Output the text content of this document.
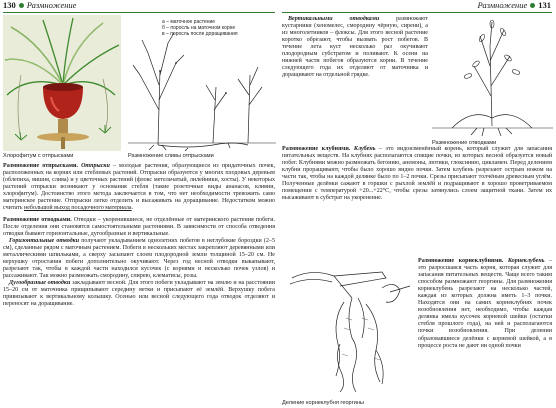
130 Размножение	Размножение 131
Хлорофитум с отпрысками
а – маточное растение
б – поросль на маточном корне
в – поросль после доращивания
Размножение сливы отпрысками

Размножение отпрысками. Отпрыски – молодые растения, образующиеся из придаточных почек, расположенных на корнях или стеблевых растений. Отпрыски образуются у многих плодовых деревьев (облепиха, вишня, слива) и у цветочных растений (флокс метельчатый, лилейники, хосты). У некоторых растений отпрыски возникают у основания стебля (такие розеточные виды ананасов, кливии, хлорофитум). Достоинство этого метода заключается в том, что нет необходимости тревожить само материнское растение. Отпрыски легко отделить и высаживать на доращивание. Недостатком можно считать небольшой выход посадочного материала.

Размножение отводками. Отводки – укоренившиеся, не отделённые от материнского растения побеги. После отделения они становятся самостоятельными растениями. В зависимости от способа отведения отводки бывают горизонтальные, дугообразные и вертикальные.

Горизонтальные отводки получают укладыванием однолетних побегов в неглубокие бороздки (2–5 см), сделанные рядом с маточным растением. Побеги в нескольких местах закрепляют деревянными или металлическими шпильками, а сверху засыпают слоем плодородной земли толщиной 15–20 см. Не верхушку отростания побеги дополнительно окучивают. Через год весной отводки выкапывают, разрезают так, чтобы в каждой части находился кусочек (с корнями и несколько почек узлов) и рассаживают. Так можно размножать смородину, спирею, клематисы, розы.

Дугообразные отводки закладывают весной. Для этого побеги укладывают на землю и на расстоянии 15–20 см от маточника прищипывают середину ветки и присыпают её землёй. Верхушку побега привязывают к вертикальному колышку. Осенью или весной следующего года отводок отделяют и переносят на доращивание.

Вертикальными отводками размножают кустарники (хеномелес, смородину чёрную, сирени), а из многолетников – флоксы. Для этого весной растение коротко обрезают, чтобы вызвать рост побегов. В течение лета куст несколько раз окучивают плодородным субстратом и поливают. К осени на нижней части побегов образуются корни. В течение следующего года их отделяют от маточника и доращивают на отдельной грядке.

Размножение отводками

Размножение клубнями. Клубень – это видоизменённый корень, который служит для запасания питательных веществ. На клубнях располагаются спящие почки, из которых весной образуется новый побег. Клубнями можно размножать бегонию, анемоны, лютики, глоксинию, цикламен. Перед делением клубни проращивают, чтобы было хорошо видно почки. Затем клубень разрезают острым ножом на части так, чтобы на каждой делянке было по 1–2 почки. Срезы присыпают толчёным древесным углём. Полученные делёнки сажают в горшки с рыхлой землёй и подращивают в хорошо проветриваемом помещении с температурой +20...+22°С, чтобы срезы затянулись слоем защитной ткани. Затем их высаживают в субстрат на укоренение.

Деление корнеклубня георгины

Размножение корнеклубнями. Корнеклубень – это разросшаяся часть корня, которая служит для запасания питательных веществ. Чаще всего таким способом размножают георгины. Для размножения корнеклубень разрезают на несколько частей, каждая из которых должна иметь 1–3 почки. Находятся они на самих корнеклубнях почек возобновления нет, необходимо, чтобы каждая делянка имела кусочек корневой шейки (остатки стебля прошлого года), на ней и располагаются почки возобновления. При делении образовавшиеся делёнки с корневой шейкой, а в процессе роста не дают ни одной почки
